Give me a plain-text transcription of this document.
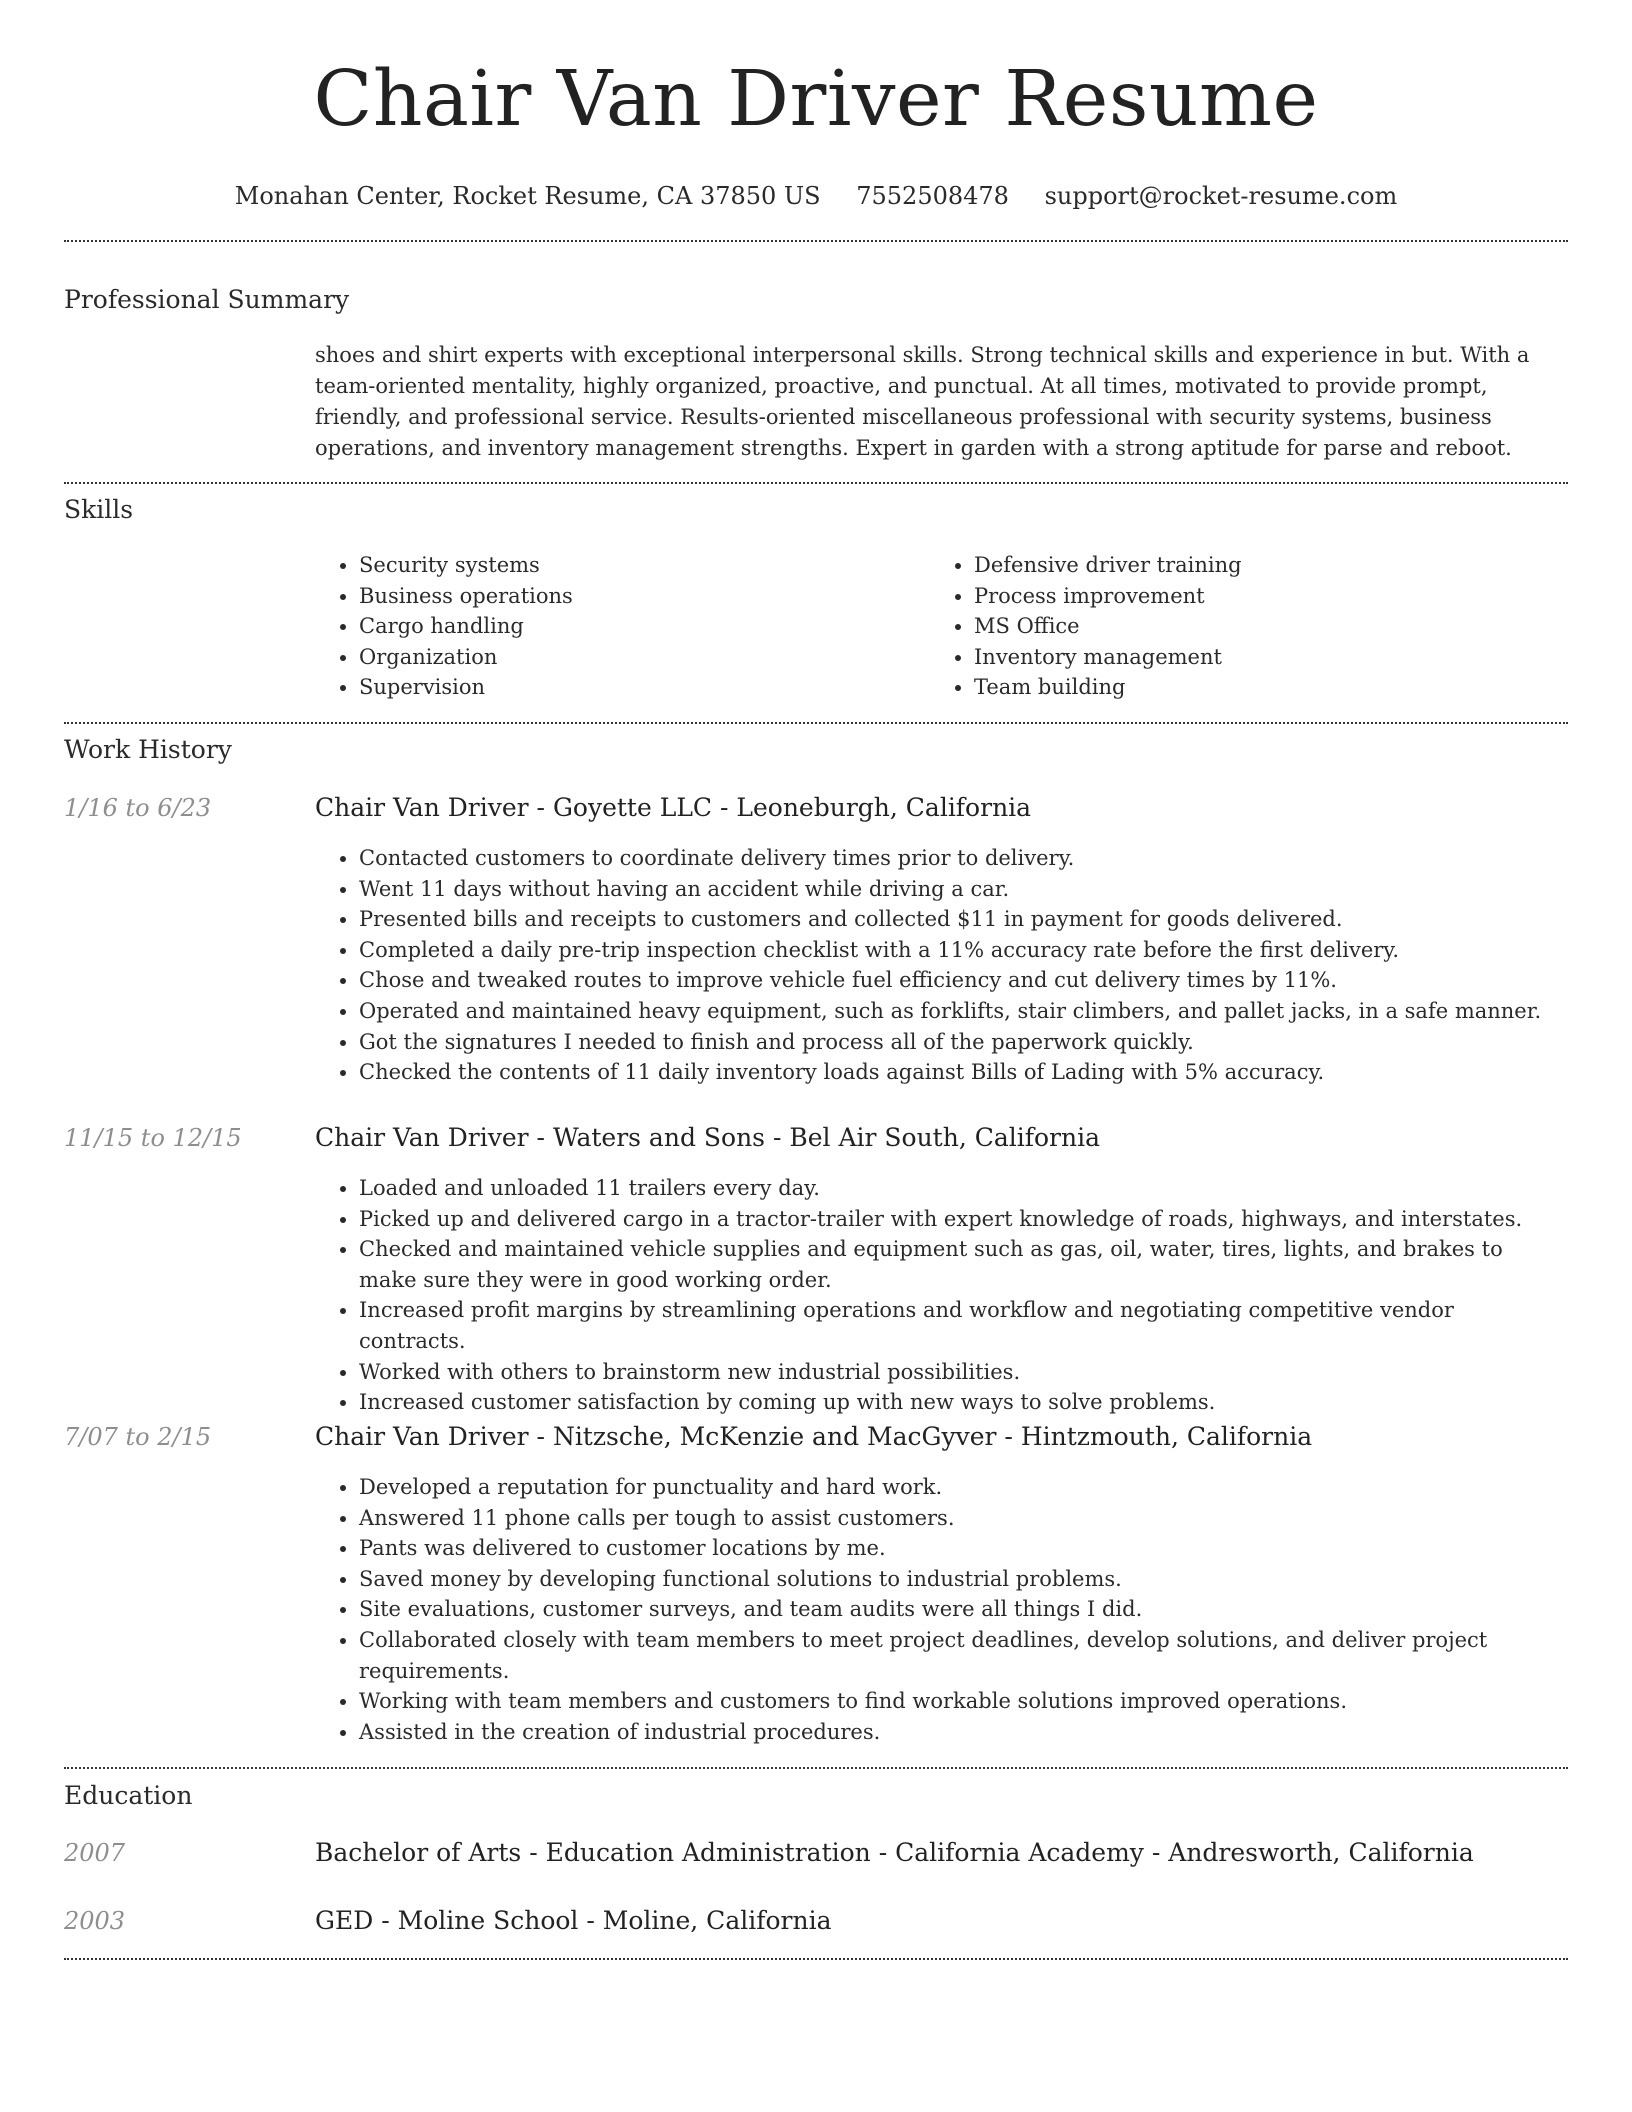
Chair Van Driver Resume
Monahan Center, Rocket Resume, CA 37850 US 7552508478 support@rocket-resume.com
Professional Summary

shoes and shirt experts with exceptional interpersonal skills. Strong technical skills and experience in but. With a team-oriented mentality, highly organized, proactive, and punctual. At all times, motivated to provide prompt, friendly, and professional service. Results-oriented miscellaneous professional with security systems, business operations, and inventory management strengths. Expert in garden with a strong aptitude for parse and reboot.

Skills
• Security systems
• Business operations
• Cargo handling
• Organization
• Supervision
• Defensive driver training
• Process improvement
• MS Office
• Inventory management
• Team building
Work History
1/16 to 6/23	Chair Van Driver - Goyette LLC - Leoneburgh, California
• Contacted customers to coordinate delivery times prior to delivery.
• Went 11 days without having an accident while driving a car.
• Presented bills and receipts to customers and collected $11 in payment for goods delivered.
• Completed a daily pre-trip inspection checklist with a 11% accuracy rate before the first delivery.
• Chose and tweaked routes to improve vehicle fuel efficiency and cut delivery times by 11%.
• Operated and maintained heavy equipment, such as forklifts, stair climbers, and pallet jacks, in a safe manner.
• Got the signatures I needed to finish and process all of the paperwork quickly.
• Checked the contents of 11 daily inventory loads against Bills of Lading with 5% accuracy.
11/15 to 12/15	Chair Van Driver - Waters and Sons - Bel Air South, California
• Loaded and unloaded 11 trailers every day.
• Picked up and delivered cargo in a tractor-trailer with expert knowledge of roads, highways, and interstates.
• Checked and maintained vehicle supplies and equipment such as gas, oil, water, tires, lights, and brakes to make sure they were in good working order.
• Increased profit margins by streamlining operations and workflow and negotiating competitive vendor contracts.
• Worked with others to brainstorm new industrial possibilities.
• Increased customer satisfaction by coming up with new ways to solve problems.
7/07 to 2/15	Chair Van Driver - Nitzsche, McKenzie and MacGyver - Hintzmouth, California
• Developed a reputation for punctuality and hard work.
• Answered 11 phone calls per tough to assist customers.
• Pants was delivered to customer locations by me.
• Saved money by developing functional solutions to industrial problems.
• Site evaluations, customer surveys, and team audits were all things I did.
• Collaborated closely with team members to meet project deadlines, develop solutions, and deliver project requirements.
• Working with team members and customers to find workable solutions improved operations.
• Assisted in the creation of industrial procedures.
Education
2007	Bachelor of Arts - Education Administration - California Academy - Andresworth, California
2003	GED - Moline School - Moline, California
